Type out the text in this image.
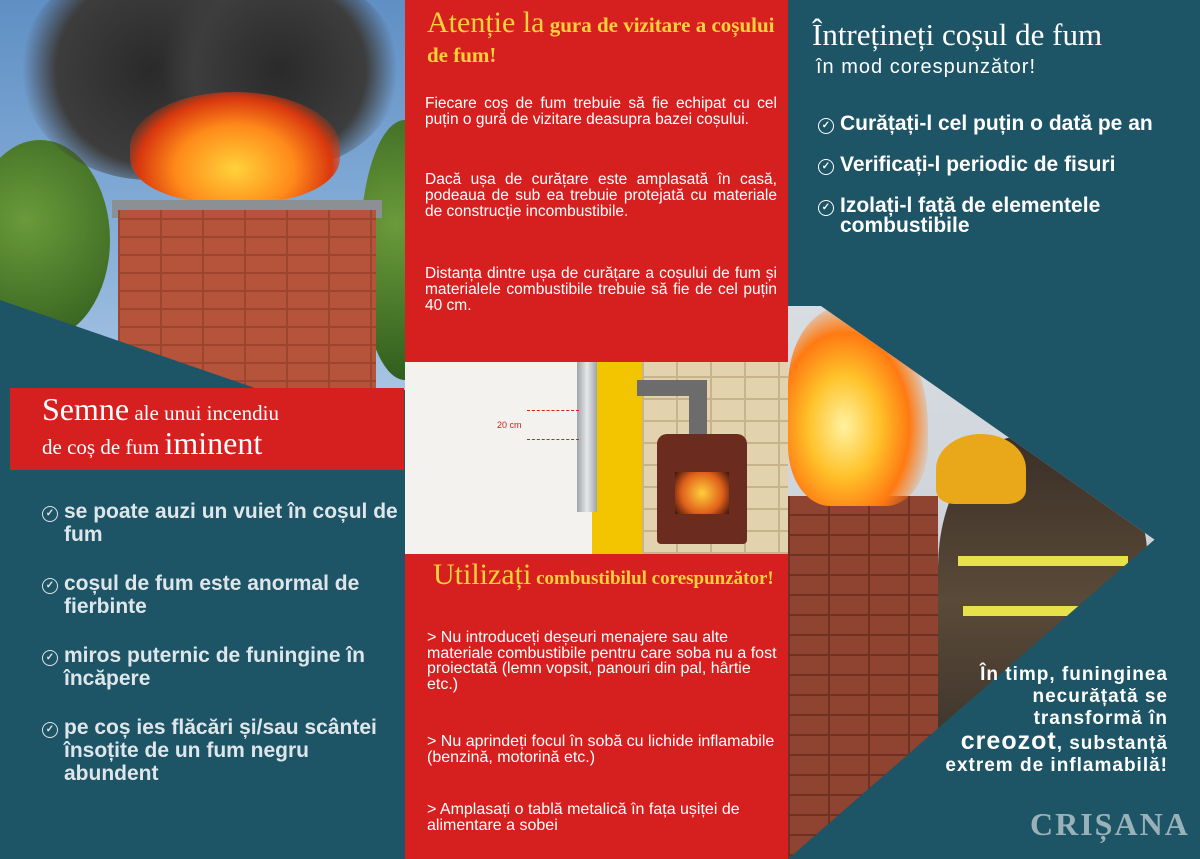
Semne ale unui incendiu
de coș de fum iminent
✓ se poate auzi un vuiet în coșul de fum
✓ coșul de fum este anormal de fierbinte
✓ miros puternic de funingine în încăpere
✓ pe coș ies flăcări și/sau scântei însoțite de un fum negru abundent
Atenție la gura de vizitare a coșului de fum!
Fiecare coș de fum trebuie să fie echipat cu cel puțin o gură de vizitare deasupra bazei coșului.
Dacă ușa de curățare este amplasată în casă, podeaua de sub ea trebuie protejată cu materiale de construcție incombustibile.
Distanța dintre ușa de curățare a coșului de fum și materialele combustibile trebuie să fie de cel puțin 40 cm.
20 cm
Utilizați combustibilul corespunzător!
> Nu introduceți deșeuri menajere sau alte materiale combustibile pentru care soba nu a fost proiectată (lemn vopsit, panouri din pal, hârtie etc.)
> Nu aprindeți focul în sobă cu lichide inflamabile (benzină, motorină etc.)
> Amplasați o tablă metalică în fața ușiței de alimentare a sobei
Întrețineți coșul de fum
în mod corespunzător!
✓ Curățați-l cel puțin o dată pe an
✓ Verificați-l periodic de fisuri
✓ Izolați-l față de elementele combustibile
În timp, funinginea necurățată se transformă în creozot, substanță extrem de inflamabilă!
CRIȘANA
